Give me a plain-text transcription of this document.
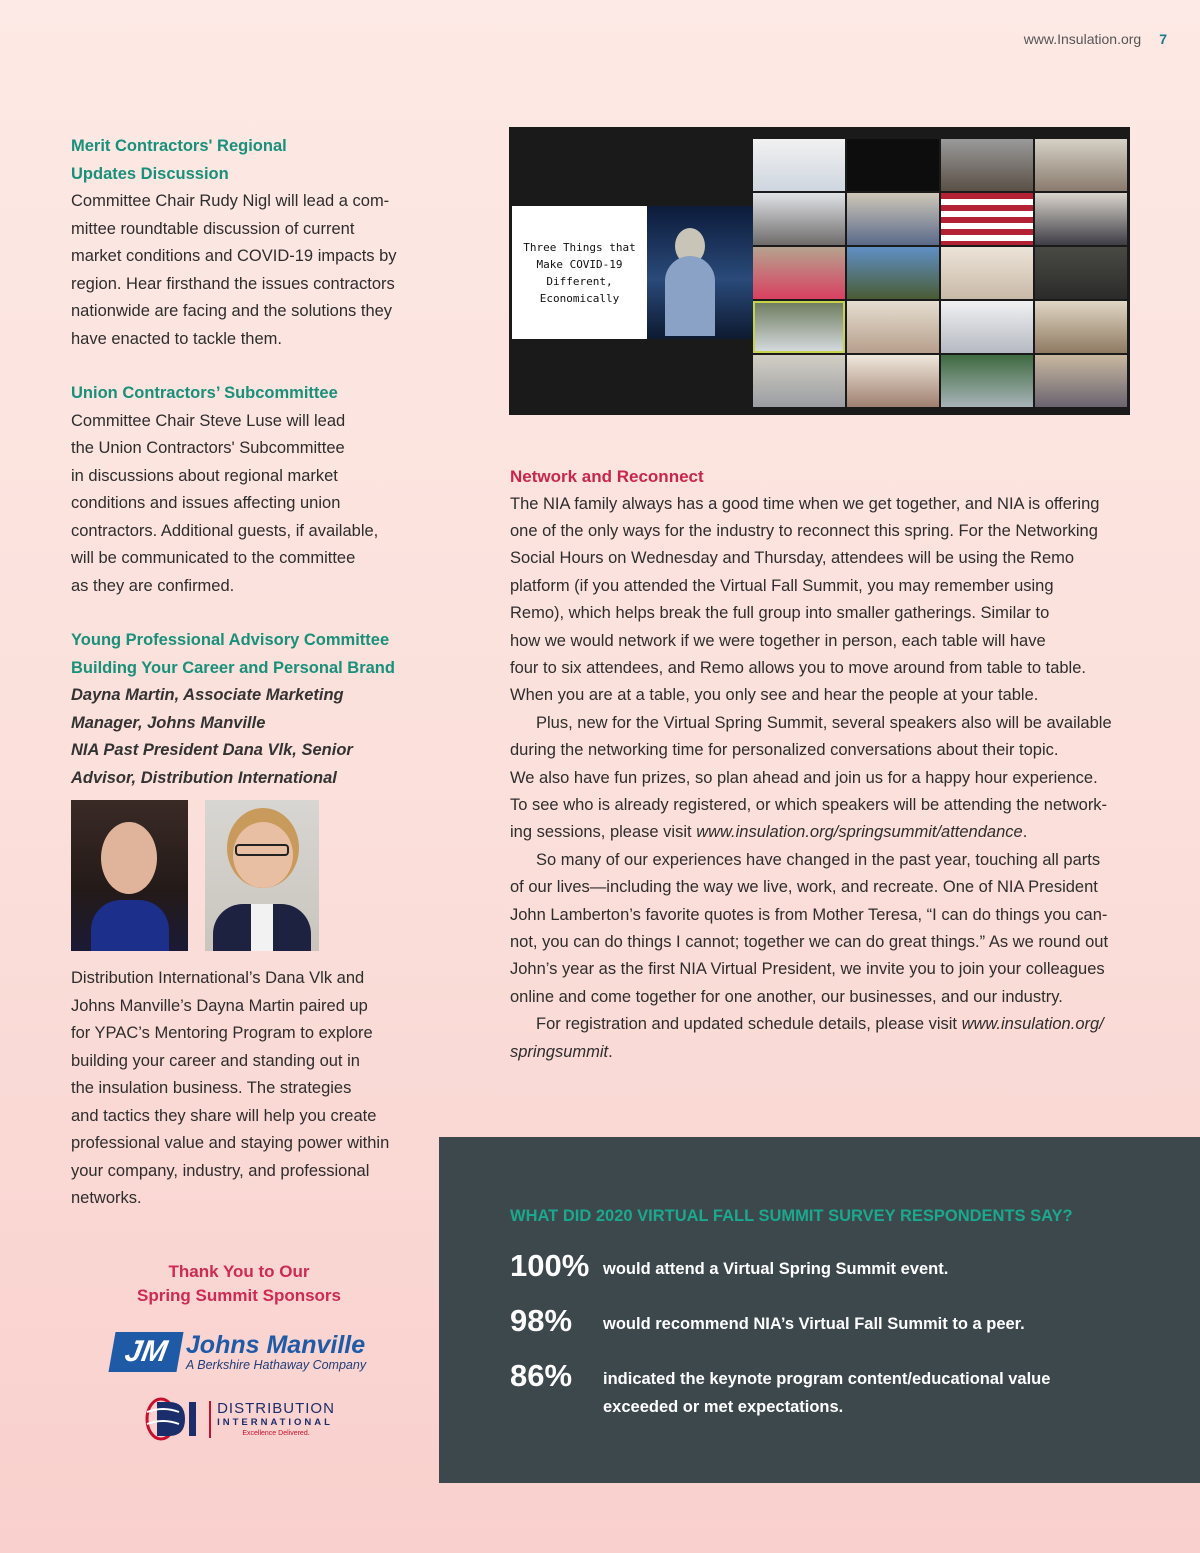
www.Insulation.org 7

Merit Contractors' Regional

Updates Discussion

Committee Chair Rudy Nigl will lead a com-

mittee roundtable discussion of current

market conditions and COVID-19 impacts by

region. Hear firsthand the issues contractors

nationwide are facing and the solutions they

have enacted to tackle them.

Union Contractors’ Subcommittee

Committee Chair Steve Luse will lead

the Union Contractors' Subcommittee

in discussions about regional market

conditions and issues affecting union

contractors. Additional guests, if available,

will be communicated to the committee

as they are confirmed.

Young Professional Advisory Committee

Building Your Career and Personal Brand

Dayna Martin, Associate Marketing

Manager, Johns Manville

NIA Past President Dana Vlk, Senior

Advisor, Distribution International

Distribution International’s Dana Vlk and

Johns Manville’s Dayna Martin paired up

for YPAC’s Mentoring Program to explore

building your career and standing out in

the insulation business. The strategies

and tactics they share will help you create

professional value and staying power within

your company, industry, and professional

networks.

Thank You to Our

Spring Summit Sponsors

JM Johns Manville
A Berkshire Hathaway Company
DISTRIBUTION
INTERNATIONAL
Excellence Delivered.
Three Things that
Make COVID-19
Different, Economically

Network and Reconnect

The NIA family always has a good time when we get together, and NIA is offering

one of the only ways for the industry to reconnect this spring. For the Networking

Social Hours on Wednesday and Thursday, attendees will be using the Remo

platform (if you attended the Virtual Fall Summit, you may remember using

Remo), which helps break the full group into smaller gatherings. Similar to

how we would network if we were together in person, each table will have

four to six attendees, and Remo allows you to move around from table to table.

When you are at a table, you only see and hear the people at your table.

Plus, new for the Virtual Spring Summit, several speakers also will be available

during the networking time for personalized conversations about their topic.

We also have fun prizes, so plan ahead and join us for a happy hour experience.

To see who is already registered, or which speakers will be attending the network-

ing sessions, please visit www.insulation.org/springsummit/attendance.

So many of our experiences have changed in the past year, touching all parts

of our lives—including the way we live, work, and recreate. One of NIA President

John Lamberton’s favorite quotes is from Mother Teresa, “I can do things you can-

not, you can do things I cannot; together we can do great things.” As we round out

John’s year as the first NIA Virtual President, we invite you to join your colleagues

online and come together for one another, our businesses, and our industry.

For registration and updated schedule details, please visit www.insulation.org/

springsummit.

WHAT DID 2020 VIRTUAL FALL SUMMIT SURVEY RESPONDENTS SAY?
100% would attend a Virtual Spring Summit event.
98%	would recommend NIA’s Virtual Fall Summit to a peer.
86%	indicated the keynote program content/educational value
exceeded or met expectations.
